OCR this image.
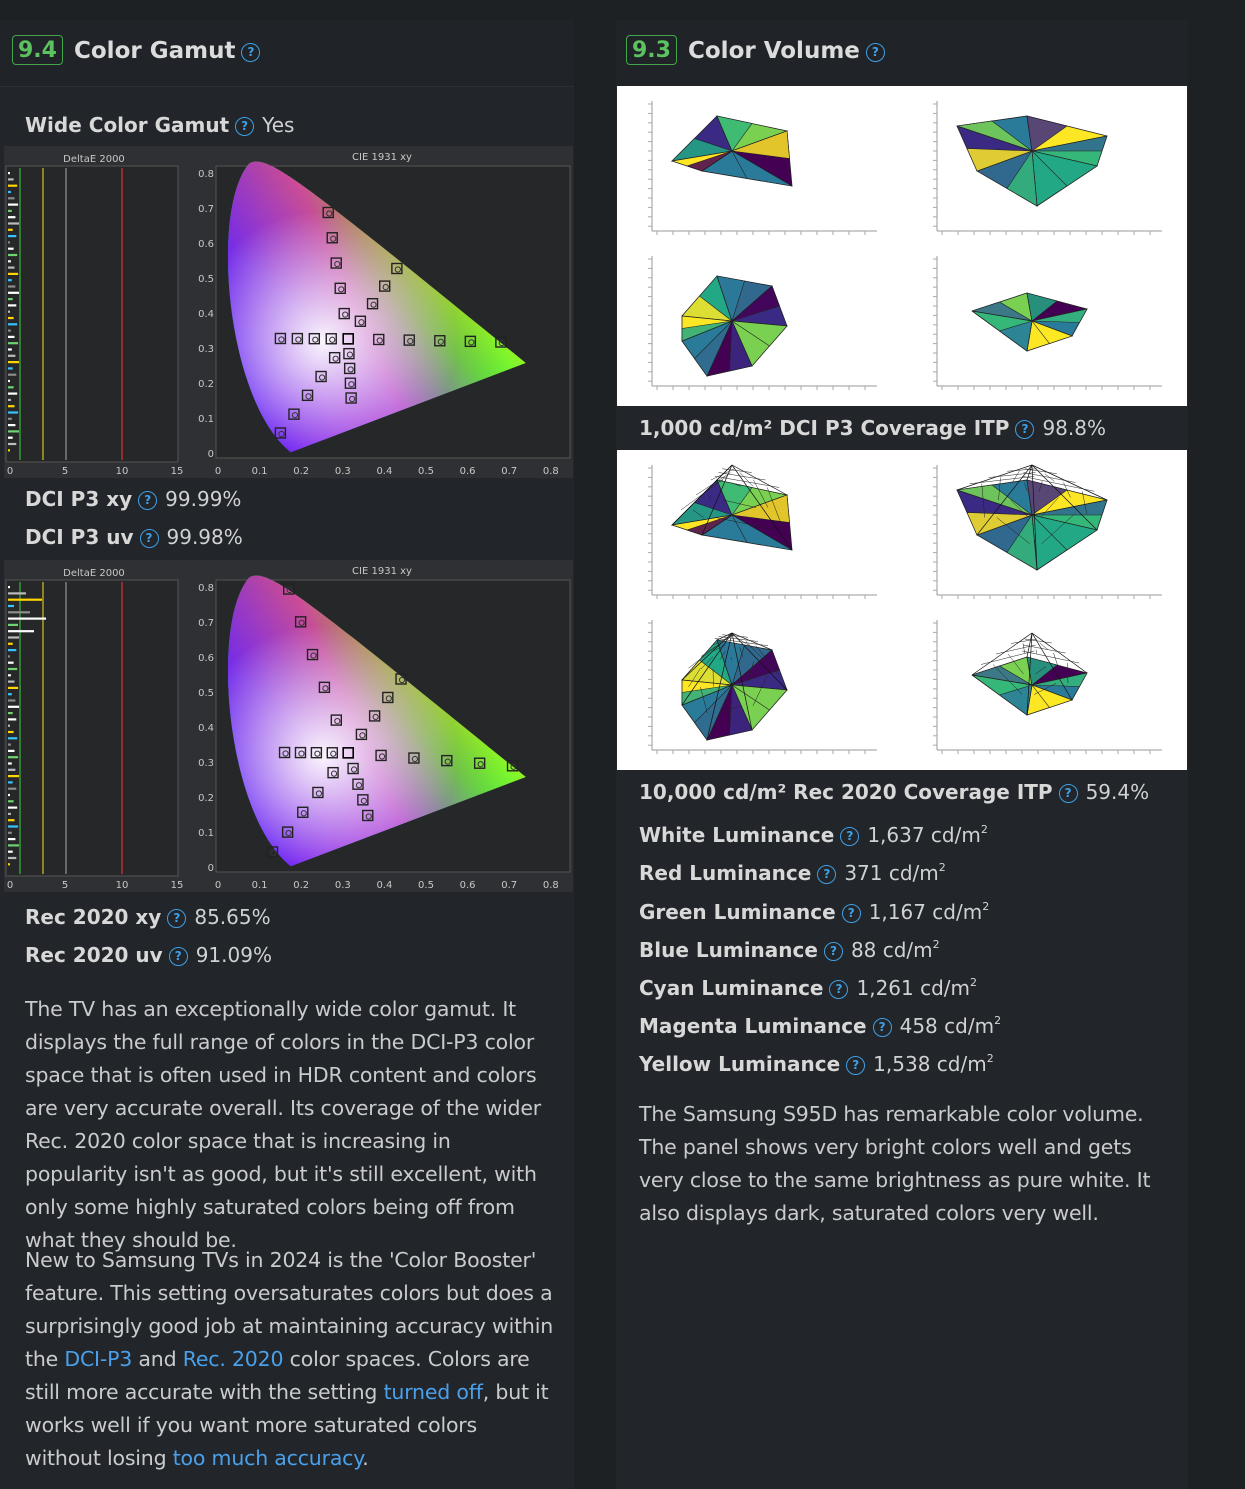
9.4 Color Gamut ?
Wide Color Gamut ? Yes
DeltaE 2000
0	5	10	15
CIE 1931 xy
0.8
0.7
0.6
0.5
0.4
0.3
0.2
0.1
0
0	0.1	0.2	0.3	0.4	0.5	0.6	0.7	0.8
DCI P3 xy ? 99.99%
DCI P3 uv ? 99.98%
DeltaE 2000
0	5	10	15
CIE 1931 xy
0.8
0.7
0.6
0.5
0.4
0.3
0.2
0.1
0
0	0.1	0.2	0.3	0.4	0.5	0.6	0.7	0.8
Rec 2020 xy ? 85.65%
Rec 2020 uv ? 91.09%
The TV has an exceptionally wide color gamut. It displays the full range of colors in the DCI-P3 color space that is often used in HDR content and colors are very accurate overall. Its coverage of the wider Rec. 2020 color space that is increasing in popularity isn't as good, but it's still excellent, with only some highly saturated colors being off from what they should be.
New to Samsung TVs in 2024 is the 'Color Booster' feature. This setting oversaturates colors but does a surprisingly good job at maintaining accuracy within the DCI-P3 and Rec. 2020 color spaces. Colors are still more accurate with the setting turned off, but it works well if you want more saturated colors without losing too much accuracy.
9.3 Color Volume ?
1,000 cd/m² DCI P3 Coverage ITP ? 98.8%
10,000 cd/m² Rec 2020 Coverage ITP ? 59.4%
White Luminance ? 1,637 $cd/m^2$
Red Luminance ? 371 $cd/m^2$
Green Luminance ? 1,167 $cd/m^2$
Blue Luminance ? 88 $cd/m^2$
Cyan Luminance ? 1,261 $cd/m^2$
Magenta Luminance ? 458 $cd/m^2$
Yellow Luminance ? 1,538 $cd/m^2$
The Samsung S95D has remarkable color volume. The panel shows very bright colors well and gets very close to the same brightness as pure white. It also displays dark, saturated colors very well.
